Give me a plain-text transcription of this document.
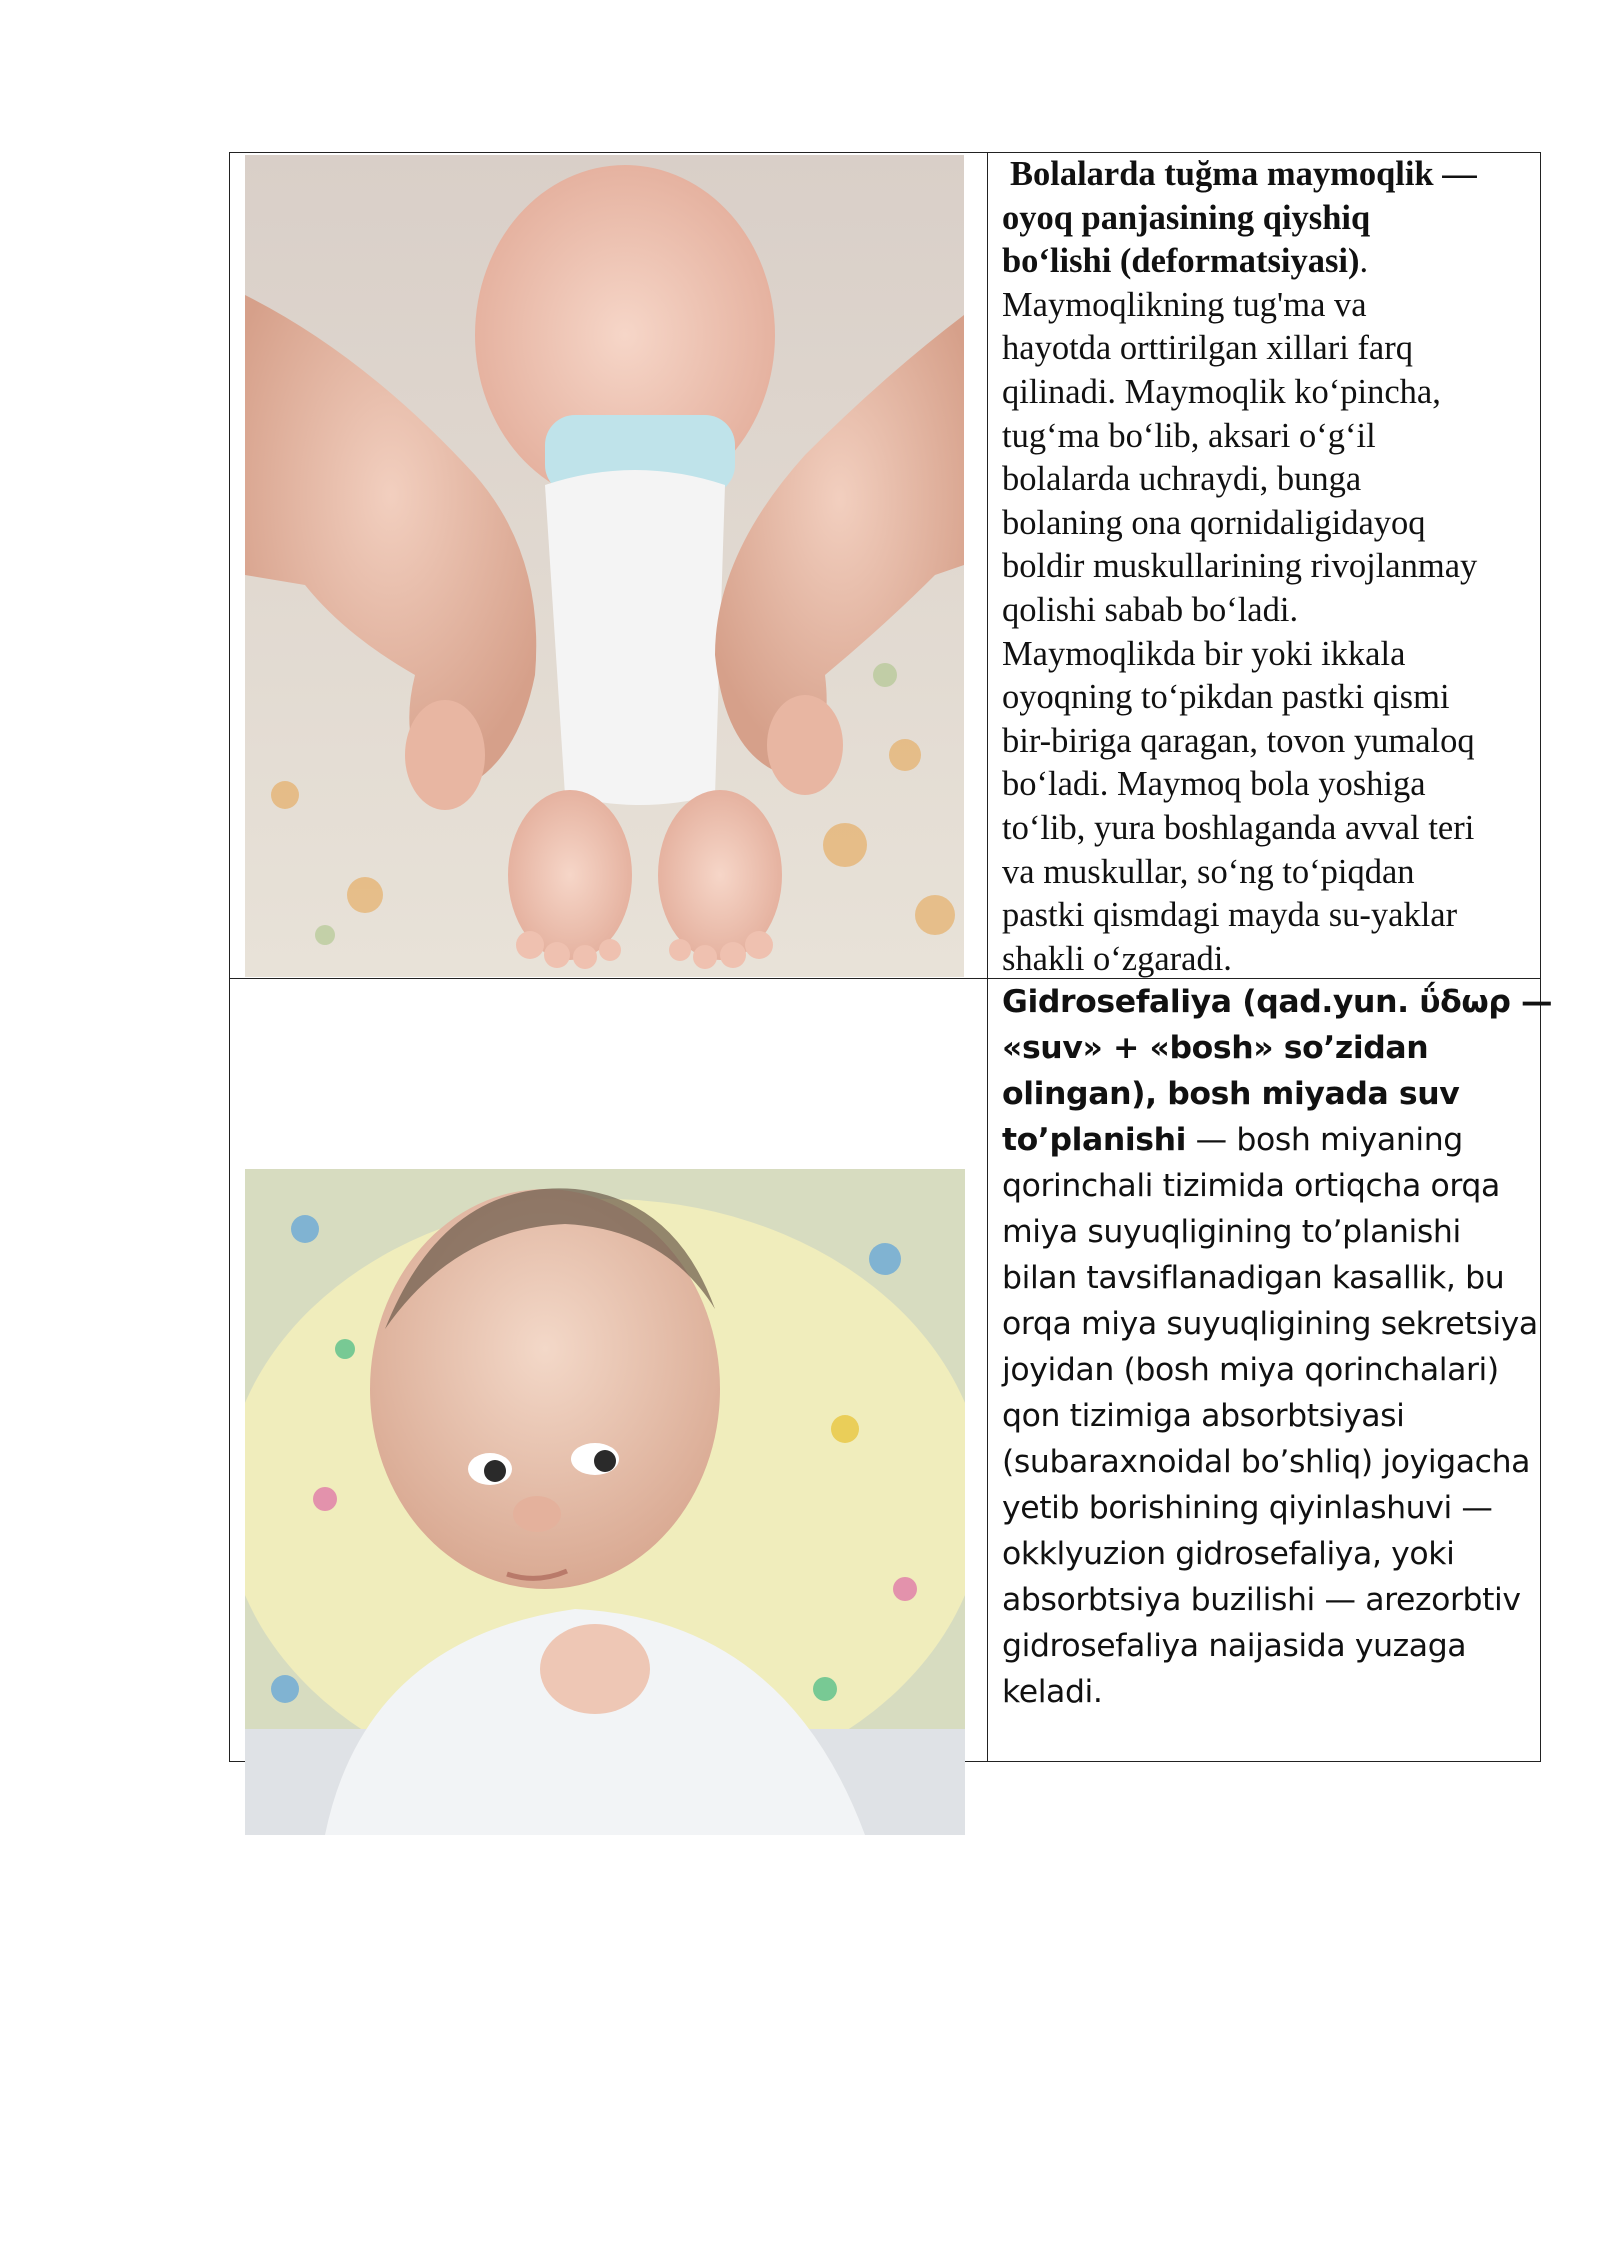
Bolalarda tuğma maymoqlik —
oyoq panjasining qiyshiq
boʻlishi (deformatsiyasi).
Maymoqlikning tug'ma va
hayotda orttirilgan xillari farq
qilinadi. Maymoqlik koʻpincha,
tugʻma boʻlib, aksari oʻgʻil
bolalarda uchraydi, bunga
bolaning ona qornidaligidayoq
boldir muskullarining rivojlanmay
qolishi sabab boʻladi.
Maymoqlikda bir yoki ikkala
oyoqning toʻpikdan pastki qismi
bir-biriga qaragan, tovon yumaloq
boʻladi. Maymoq bola yoshiga
toʻlib, yura boshlaganda avval teri
va muskullar, soʻng toʻpiqdan
pastki qismdagi mayda su-yaklar
shakli oʻzgaradi.
Gidrosefaliya (qad.yun. ΰδωρ —
«suv» + «bosh» so’zidan
olingan), bosh miyada suv
to’planishi — bosh miyaning
qorinchali tizimida ortiqcha orqa
miya suyuqligining to’planishi
bilan tavsiflanadigan kasallik, bu
orqa miya suyuqligining sekretsiya
joyidan (bosh miya qorinchalari)
qon tizimiga absorbtsiyasi
(subaraxnoidal bo’shliq) joyigacha
yetib borishining qiyinlashuvi —
okklyuzion gidrosefaliya, yoki
absorbtsiya buzilishi — arezorbtiv
gidrosefaliya naijasida yuzaga
keladi.
